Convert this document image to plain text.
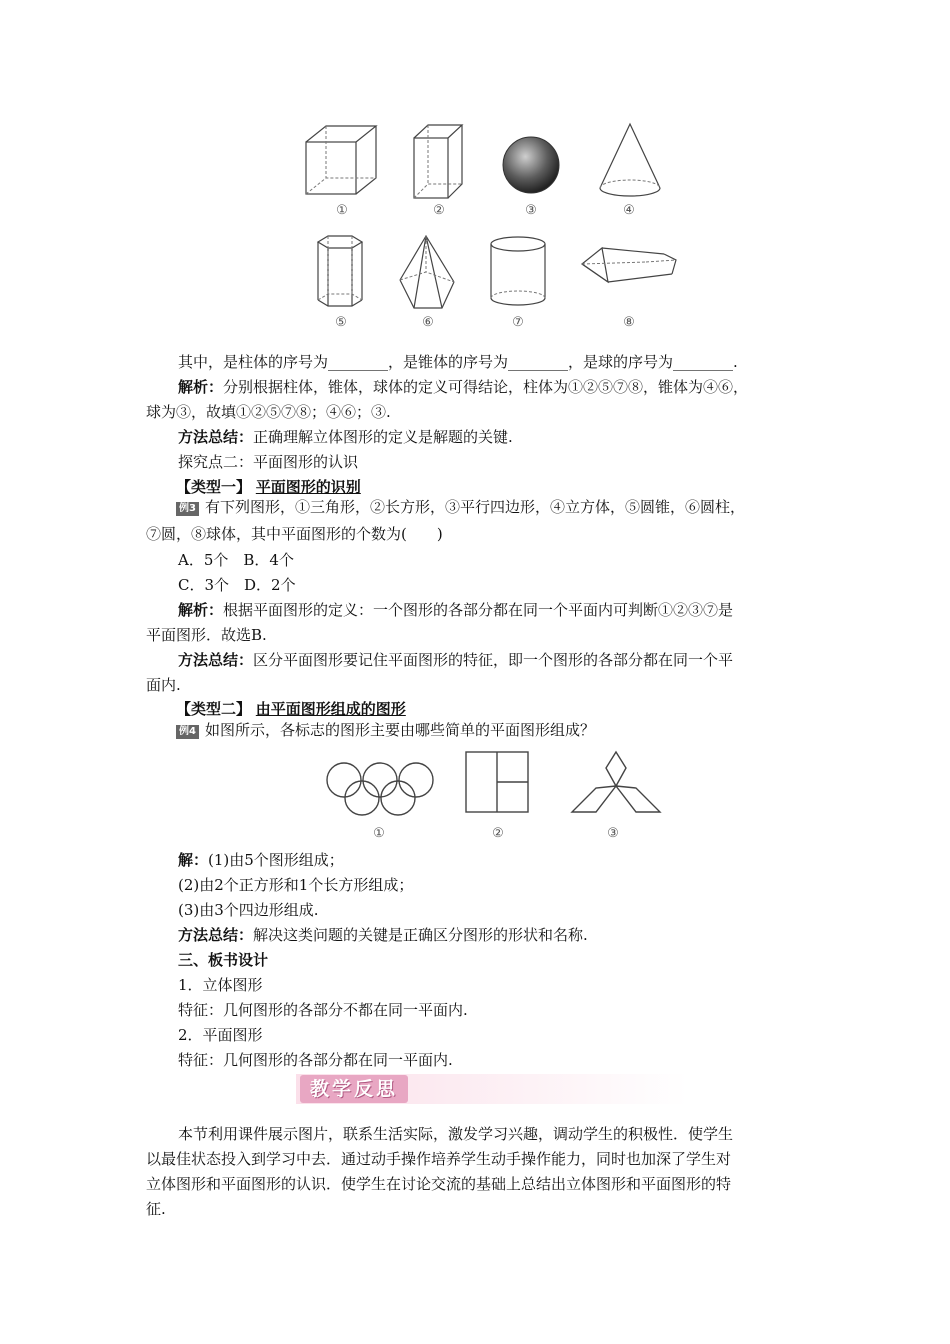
①	②	③	④
⑤	⑥	⑦	⑧
其中，是柱体的序号为________，是锥体的序号为________，是球的序号为________.
解析：分别根据柱体，锥体，球体的定义可得结论，柱体为①②⑤⑦⑧，锥体为④⑥，
球为③，故填①②⑤⑦⑧；④⑥；③.
方法总结：正确理解立体图形的定义是解题的关键.
探究点二：平面图形的认识
【类型一】 平面图形的识别
例3 有下列图形，①三角形，②长方形，③平行四边形，④立方体，⑤圆锥，⑥圆柱，
⑦圆，⑧球体，其中平面图形的个数为(　　)
A．5个　B．4个
C．3个　D．2个
解析：根据平面图形的定义：一个图形的各部分都在同一个平面内可判断①②③⑦是
平面图形．故选B.
方法总结：区分平面图形要记住平面图形的特征，即一个图形的各部分都在同一个平
面内.
【类型二】 由平面图形组成的图形
例4 如图所示，各标志的图形主要由哪些简单的平面图形组成？
①	②	③
解：(1)由5个图形组成；
(2)由2个正方形和1个长方形组成；
(3)由3个四边形组成.
方法总结：解决这类问题的关键是正确区分图形的形状和名称.
三、板书设计
1．立体图形
特征：几何图形的各部分不都在同一平面内.
2．平面图形
特征：几何图形的各部分都在同一平面内.
教学反思
本节利用课件展示图片，联系生活实际，激发学习兴趣，调动学生的积极性．使学生
以最佳状态投入到学习中去．通过动手操作培养学生动手操作能力，同时也加深了学生对
立体图形和平面图形的认识．使学生在讨论交流的基础上总结出立体图形和平面图形的特
征.
